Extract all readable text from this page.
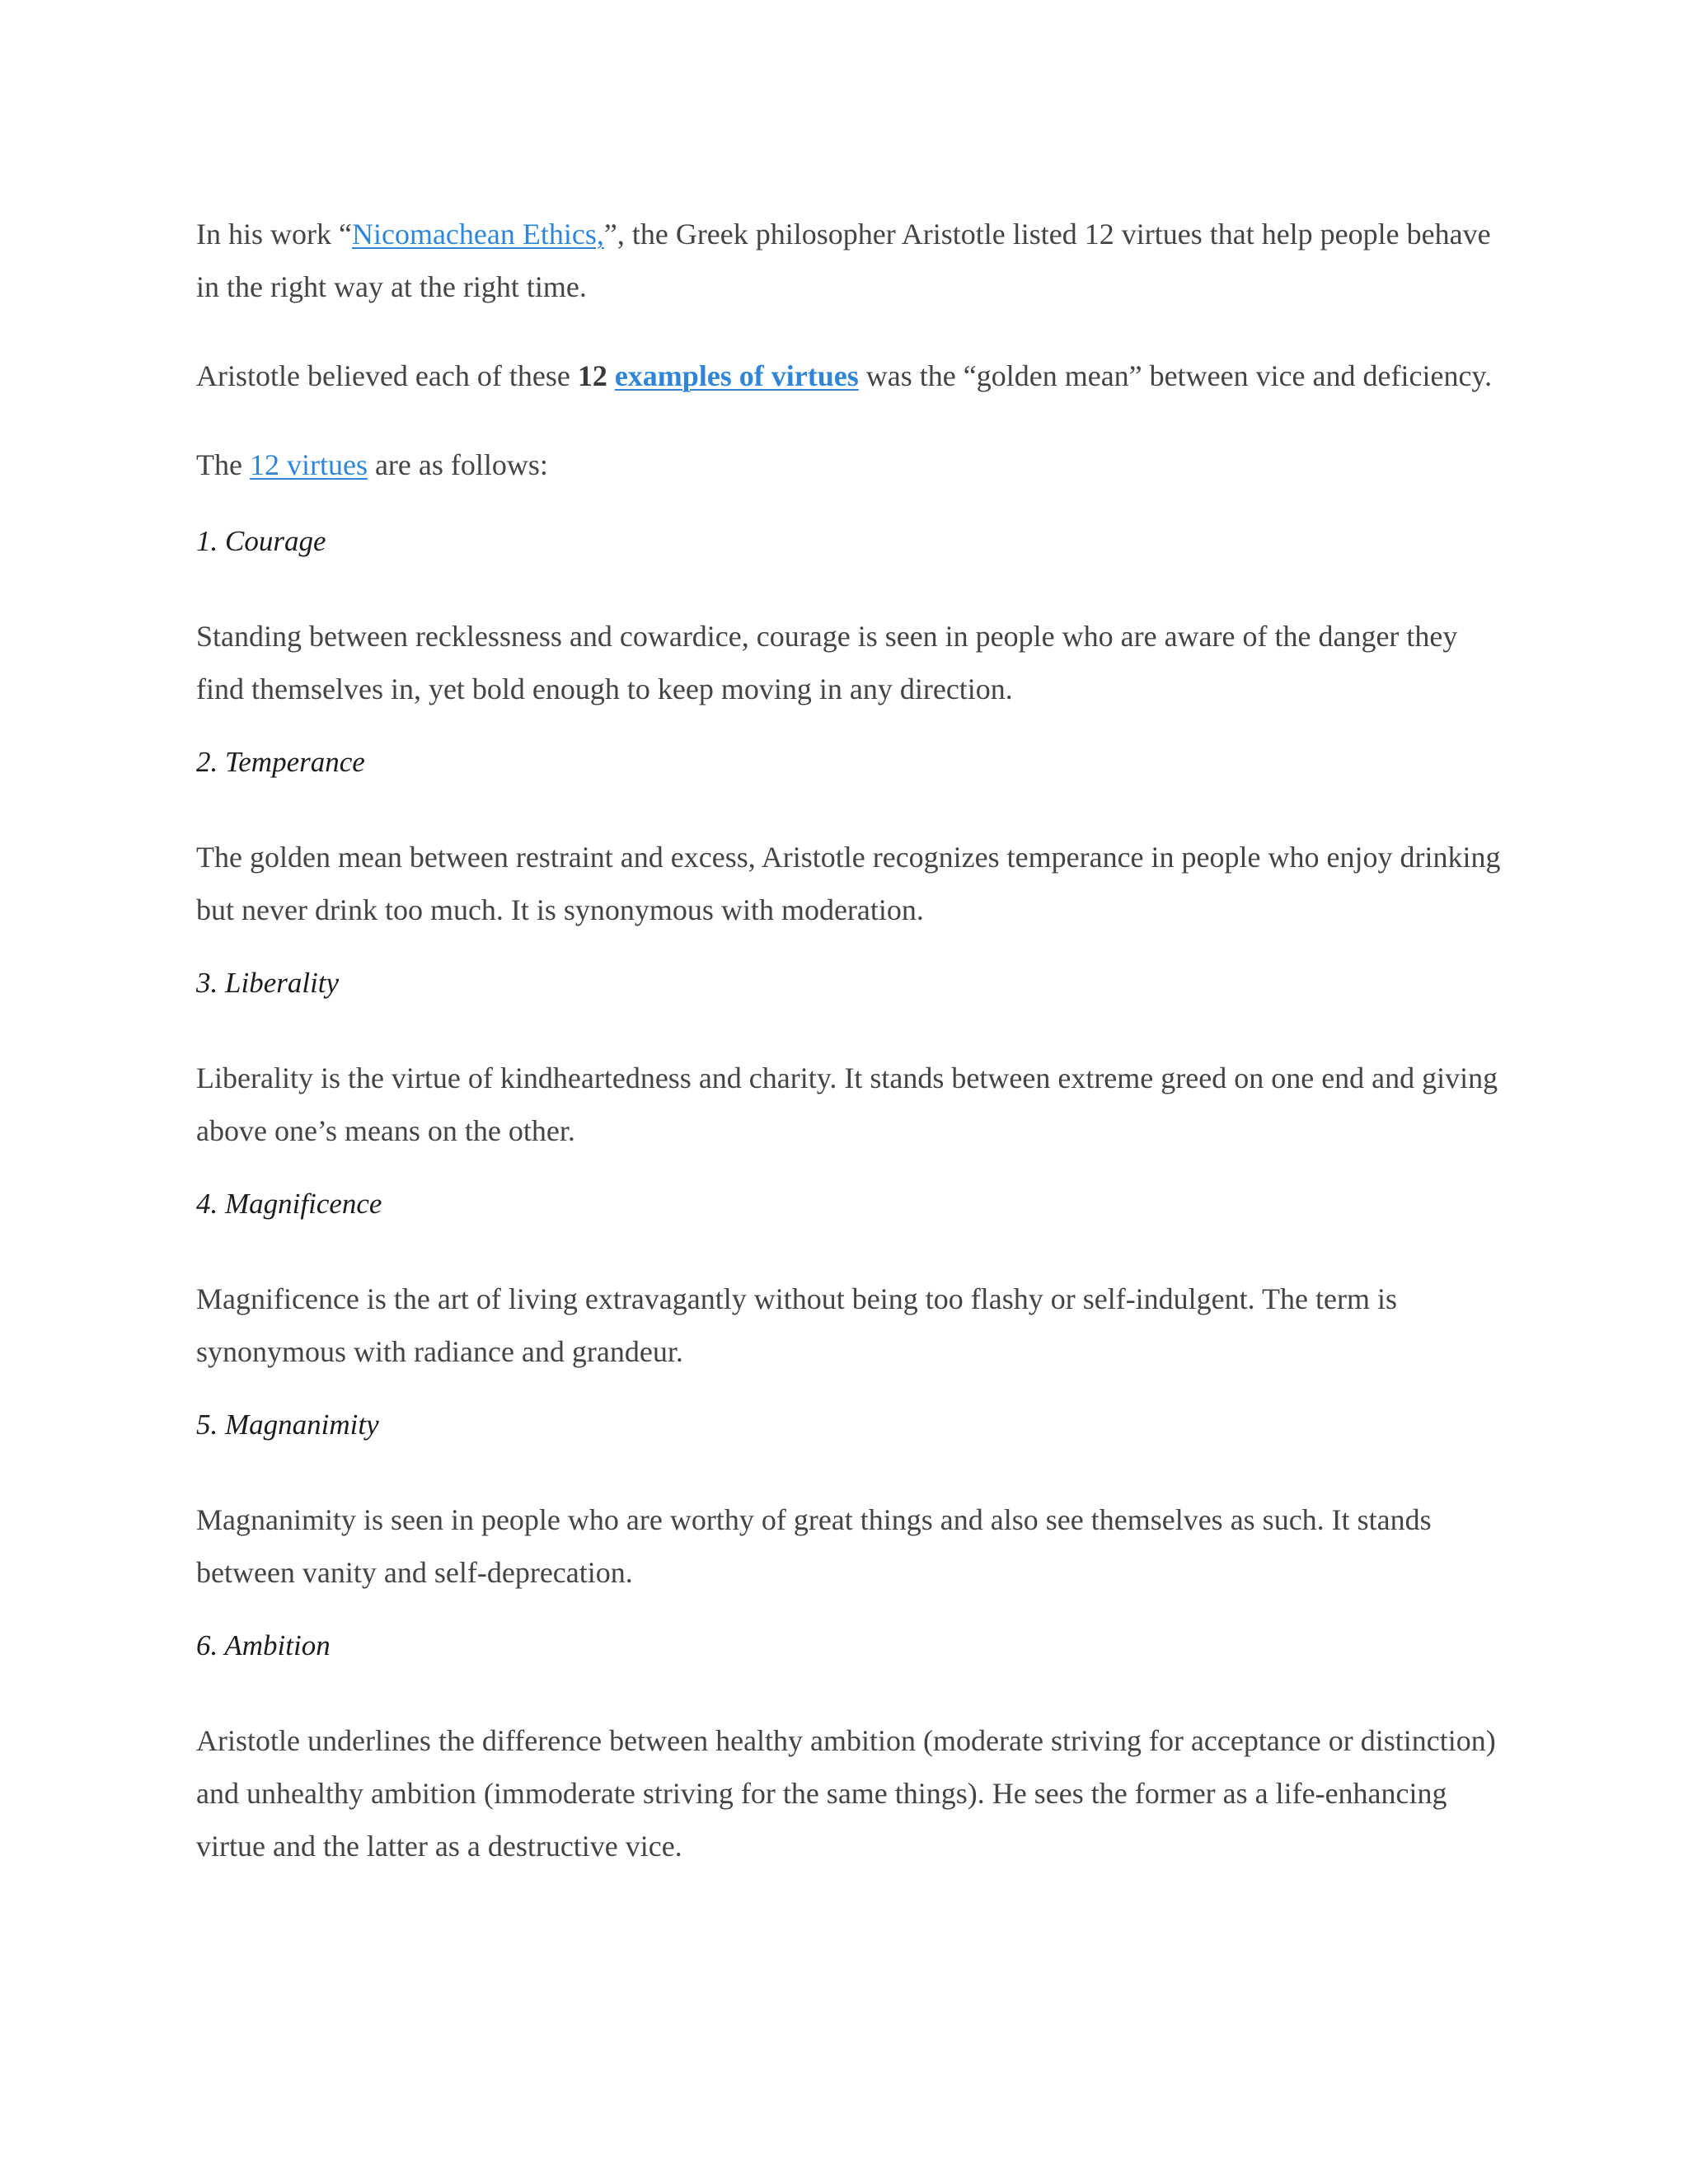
In his work “Nicomachean Ethics,”, the Greek philosopher Aristotle listed 12 virtues that help people behave in the right way at the right time.

Aristotle believed each of these 12 examples of virtues was the “golden mean” between vice and deficiency.

The 12 virtues are as follows:

1. Courage

Standing between recklessness and cowardice, courage is seen in people who are aware of the danger they find themselves in, yet bold enough to keep moving in any direction.

2. Temperance

The golden mean between restraint and excess, Aristotle recognizes temperance in people who enjoy drinking but never drink too much. It is synonymous with moderation.

3. Liberality

Liberality is the virtue of kindheartedness and charity. It stands between extreme greed on one end and giving above one’s means on the other.

4. Magnificence

Magnificence is the art of living extravagantly without being too flashy or self-indulgent. The term is synonymous with radiance and grandeur.

5. Magnanimity

Magnanimity is seen in people who are worthy of great things and also see themselves as such. It stands between vanity and self-deprecation.

6. Ambition

Aristotle underlines the difference between healthy ambition (moderate striving for acceptance or distinction) and unhealthy ambition (immoderate striving for the same things). He sees the former as a life-enhancing virtue and the latter as a destructive vice.
